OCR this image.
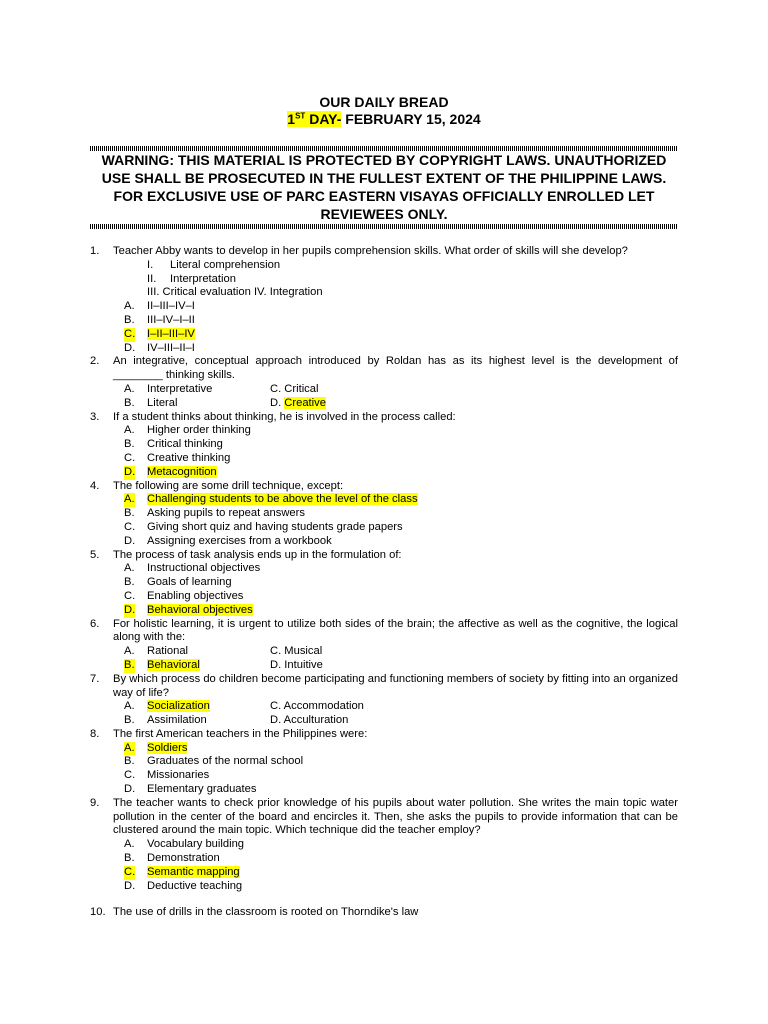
OUR DAILY BREAD
1ST DAY- FEBRUARY 15, 2024
WARNING: THIS MATERIAL IS PROTECTED BY COPYRIGHT LAWS. UNAUTHORIZED USE SHALL BE PROSECUTED IN THE FULLEST EXTENT OF THE PHILIPPINE LAWS. FOR EXCLUSIVE USE OF PARC EASTERN VISAYAS OFFICIALLY ENROLLED LET REVIEWEES ONLY.
1. Teacher Abby wants to develop in her pupils comprehension skills. What order of skills will she develop?
I. Literal comprehension
II. Interpretation
III. Critical evaluation IV. Integration
A. II–III–IV–I
B. III–IV–I–II
C. I–II–III–IV
D. IV–III–II–I
2. An integrative, conceptual approach introduced by Roldan has as its highest level is the development of ________ thinking skills.
A. Interpretative	C. Critical
B. Literal	D. Creative
3. If a student thinks about thinking, he is involved in the process called:
A. Higher order thinking
B. Critical thinking
C. Creative thinking
D. Metacognition
4. The following are some drill technique, except:
A. Challenging students to be above the level of the class
B. Asking pupils to repeat answers
C. Giving short quiz and having students grade papers
D. Assigning exercises from a workbook
5. The process of task analysis ends up in the formulation of:
A. Instructional objectives
B. Goals of learning
C. Enabling objectives
D. Behavioral objectives
6. For holistic learning, it is urgent to utilize both sides of the brain; the affective as well as the cognitive, the logical along with the:
A. Rational	C. Musical
B. Behavioral	D. Intuitive
7. By which process do children become participating and functioning members of society by fitting into an organized way of life?
A. Socialization	C. Accommodation
B. Assimilation	D. Acculturation
8. The first American teachers in the Philippines were:
A. Soldiers
B. Graduates of the normal school
C. Missionaries
D. Elementary graduates
9. The teacher wants to check prior knowledge of his pupils about water pollution. She writes the main topic water pollution in the center of the board and encircles it. Then, she asks the pupils to provide information that can be clustered around the main topic. Which technique did the teacher employ?
A. Vocabulary building
B. Demonstration
C. Semantic mapping
D. Deductive teaching
10. The use of drills in the classroom is rooted on Thorndike's law
